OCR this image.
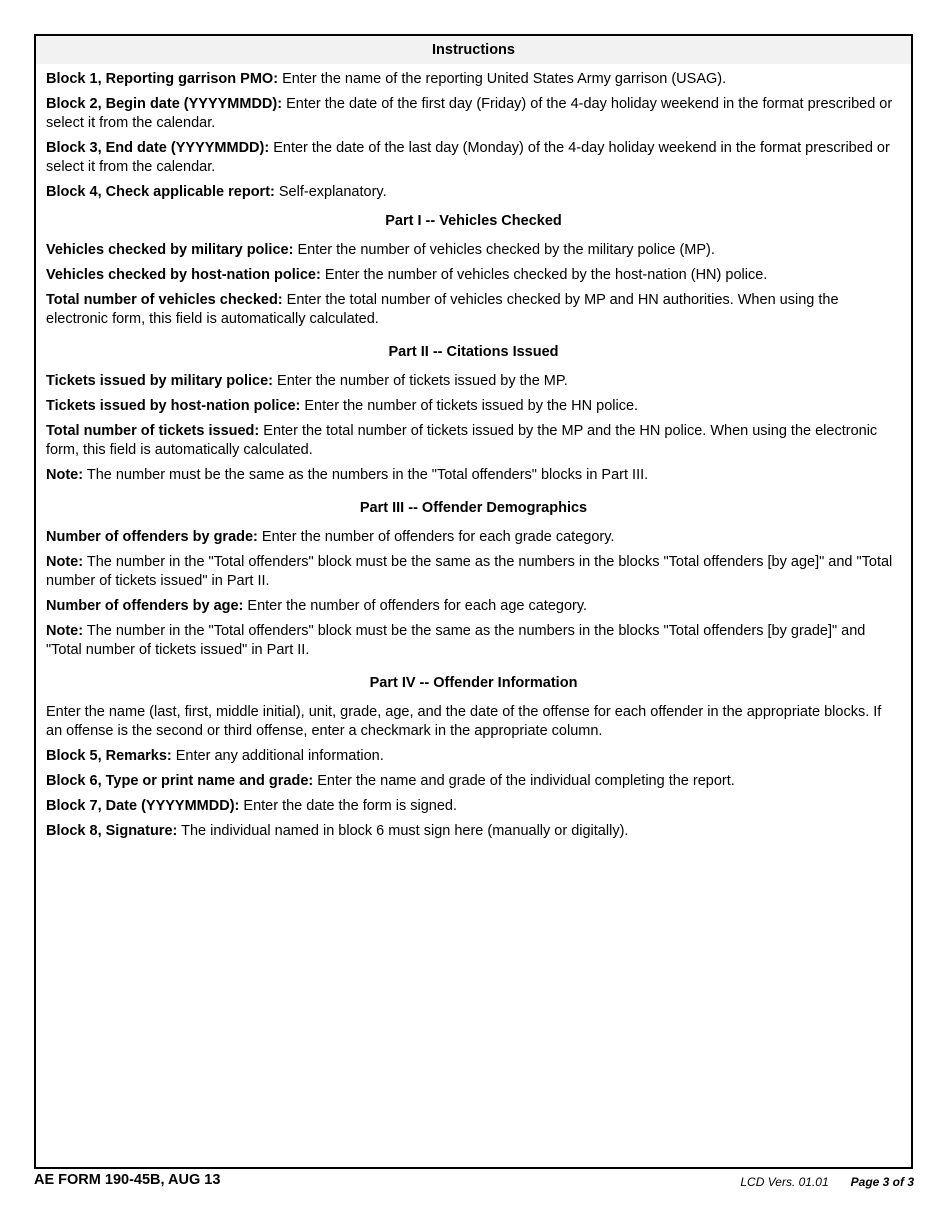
Instructions

Block 1, Reporting garrison PMO: Enter the name of the reporting United States Army garrison (USAG).

Block 2, Begin date (YYYYMMDD): Enter the date of the first day (Friday) of the 4-day holiday weekend in the format prescribed or select it from the calendar.

Block 3, End date (YYYYMMDD): Enter the date of the last day (Monday) of the 4-day holiday weekend in the format prescribed or select it from the calendar.

Block 4, Check applicable report: Self-explanatory.

Part I -- Vehicles Checked

Vehicles checked by military police: Enter the number of vehicles checked by the military police (MP).

Vehicles checked by host-nation police: Enter the number of vehicles checked by the host-nation (HN) police.

Total number of vehicles checked: Enter the total number of vehicles checked by MP and HN authorities. When using the electronic form, this field is automatically calculated.

Part II -- Citations Issued

Tickets issued by military police: Enter the number of tickets issued by the MP.

Tickets issued by host-nation police: Enter the number of tickets issued by the HN police.

Total number of tickets issued: Enter the total number of tickets issued by the MP and the HN police. When using the electronic form, this field is automatically calculated.

Note: The number must be the same as the numbers in the "Total offenders" blocks in Part III.

Part III -- Offender Demographics

Number of offenders by grade: Enter the number of offenders for each grade category.

Note: The number in the "Total offenders" block must be the same as the numbers in the blocks "Total offenders [by age]" and "Total number of tickets issued" in Part II.

Number of offenders by age: Enter the number of offenders for each age category.

Note: The number in the "Total offenders" block must be the same as the numbers in the blocks "Total offenders [by grade]" and "Total number of tickets issued" in Part II.

Part IV -- Offender Information

Enter the name (last, first, middle initial), unit, grade, age, and the date of the offense for each offender in the appropriate blocks. If an offense is the second or third offense, enter a checkmark in the appropriate column.

Block 5, Remarks: Enter any additional information.

Block 6, Type or print name and grade: Enter the name and grade of the individual completing the report.

Block 7, Date (YYYYMMDD): Enter the date the form is signed.

Block 8, Signature: The individual named in block 6 must sign here (manually or digitally).

AE FORM 190-45B, AUG 13	LCD Vers. 01.01 Page 3 of 3
